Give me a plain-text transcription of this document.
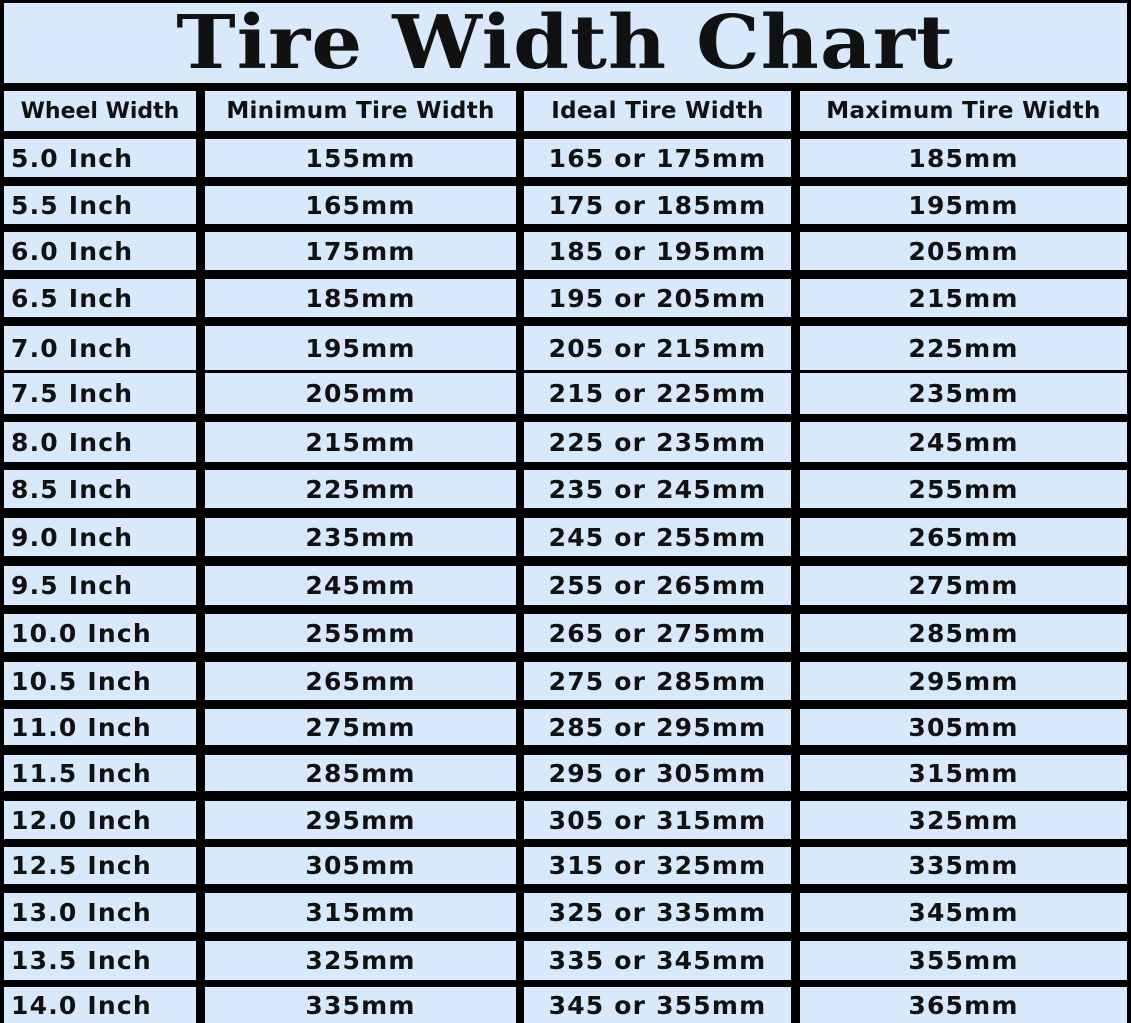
Tire Width Chart
Wheel Width	Minimum Tire Width	Ideal Tire Width	Maximum Tire Width
5.0 Inch	155mm	165 or 175mm	185mm
5.5 Inch	165mm	175 or 185mm	195mm
6.0 Inch	175mm	185 or 195mm	205mm
6.5 Inch	185mm	195 or 205mm	215mm
7.0 Inch	195mm	205 or 215mm	225mm
7.5 Inch	205mm	215 or 225mm	235mm
8.0 Inch	215mm	225 or 235mm	245mm
8.5 Inch	225mm	235 or 245mm	255mm
9.0 Inch	235mm	245 or 255mm	265mm
9.5 Inch	245mm	255 or 265mm	275mm
10.0 Inch	255mm	265 or 275mm	285mm
10.5 Inch	265mm	275 or 285mm	295mm
11.0 Inch	275mm	285 or 295mm	305mm
11.5 Inch	285mm	295 or 305mm	315mm
12.0 Inch	295mm	305 or 315mm	325mm
12.5 Inch	305mm	315 or 325mm	335mm
13.0 Inch	315mm	325 or 335mm	345mm
13.5 Inch	325mm	335 or 345mm	355mm
14.0 Inch	335mm	345 or 355mm	365mm
